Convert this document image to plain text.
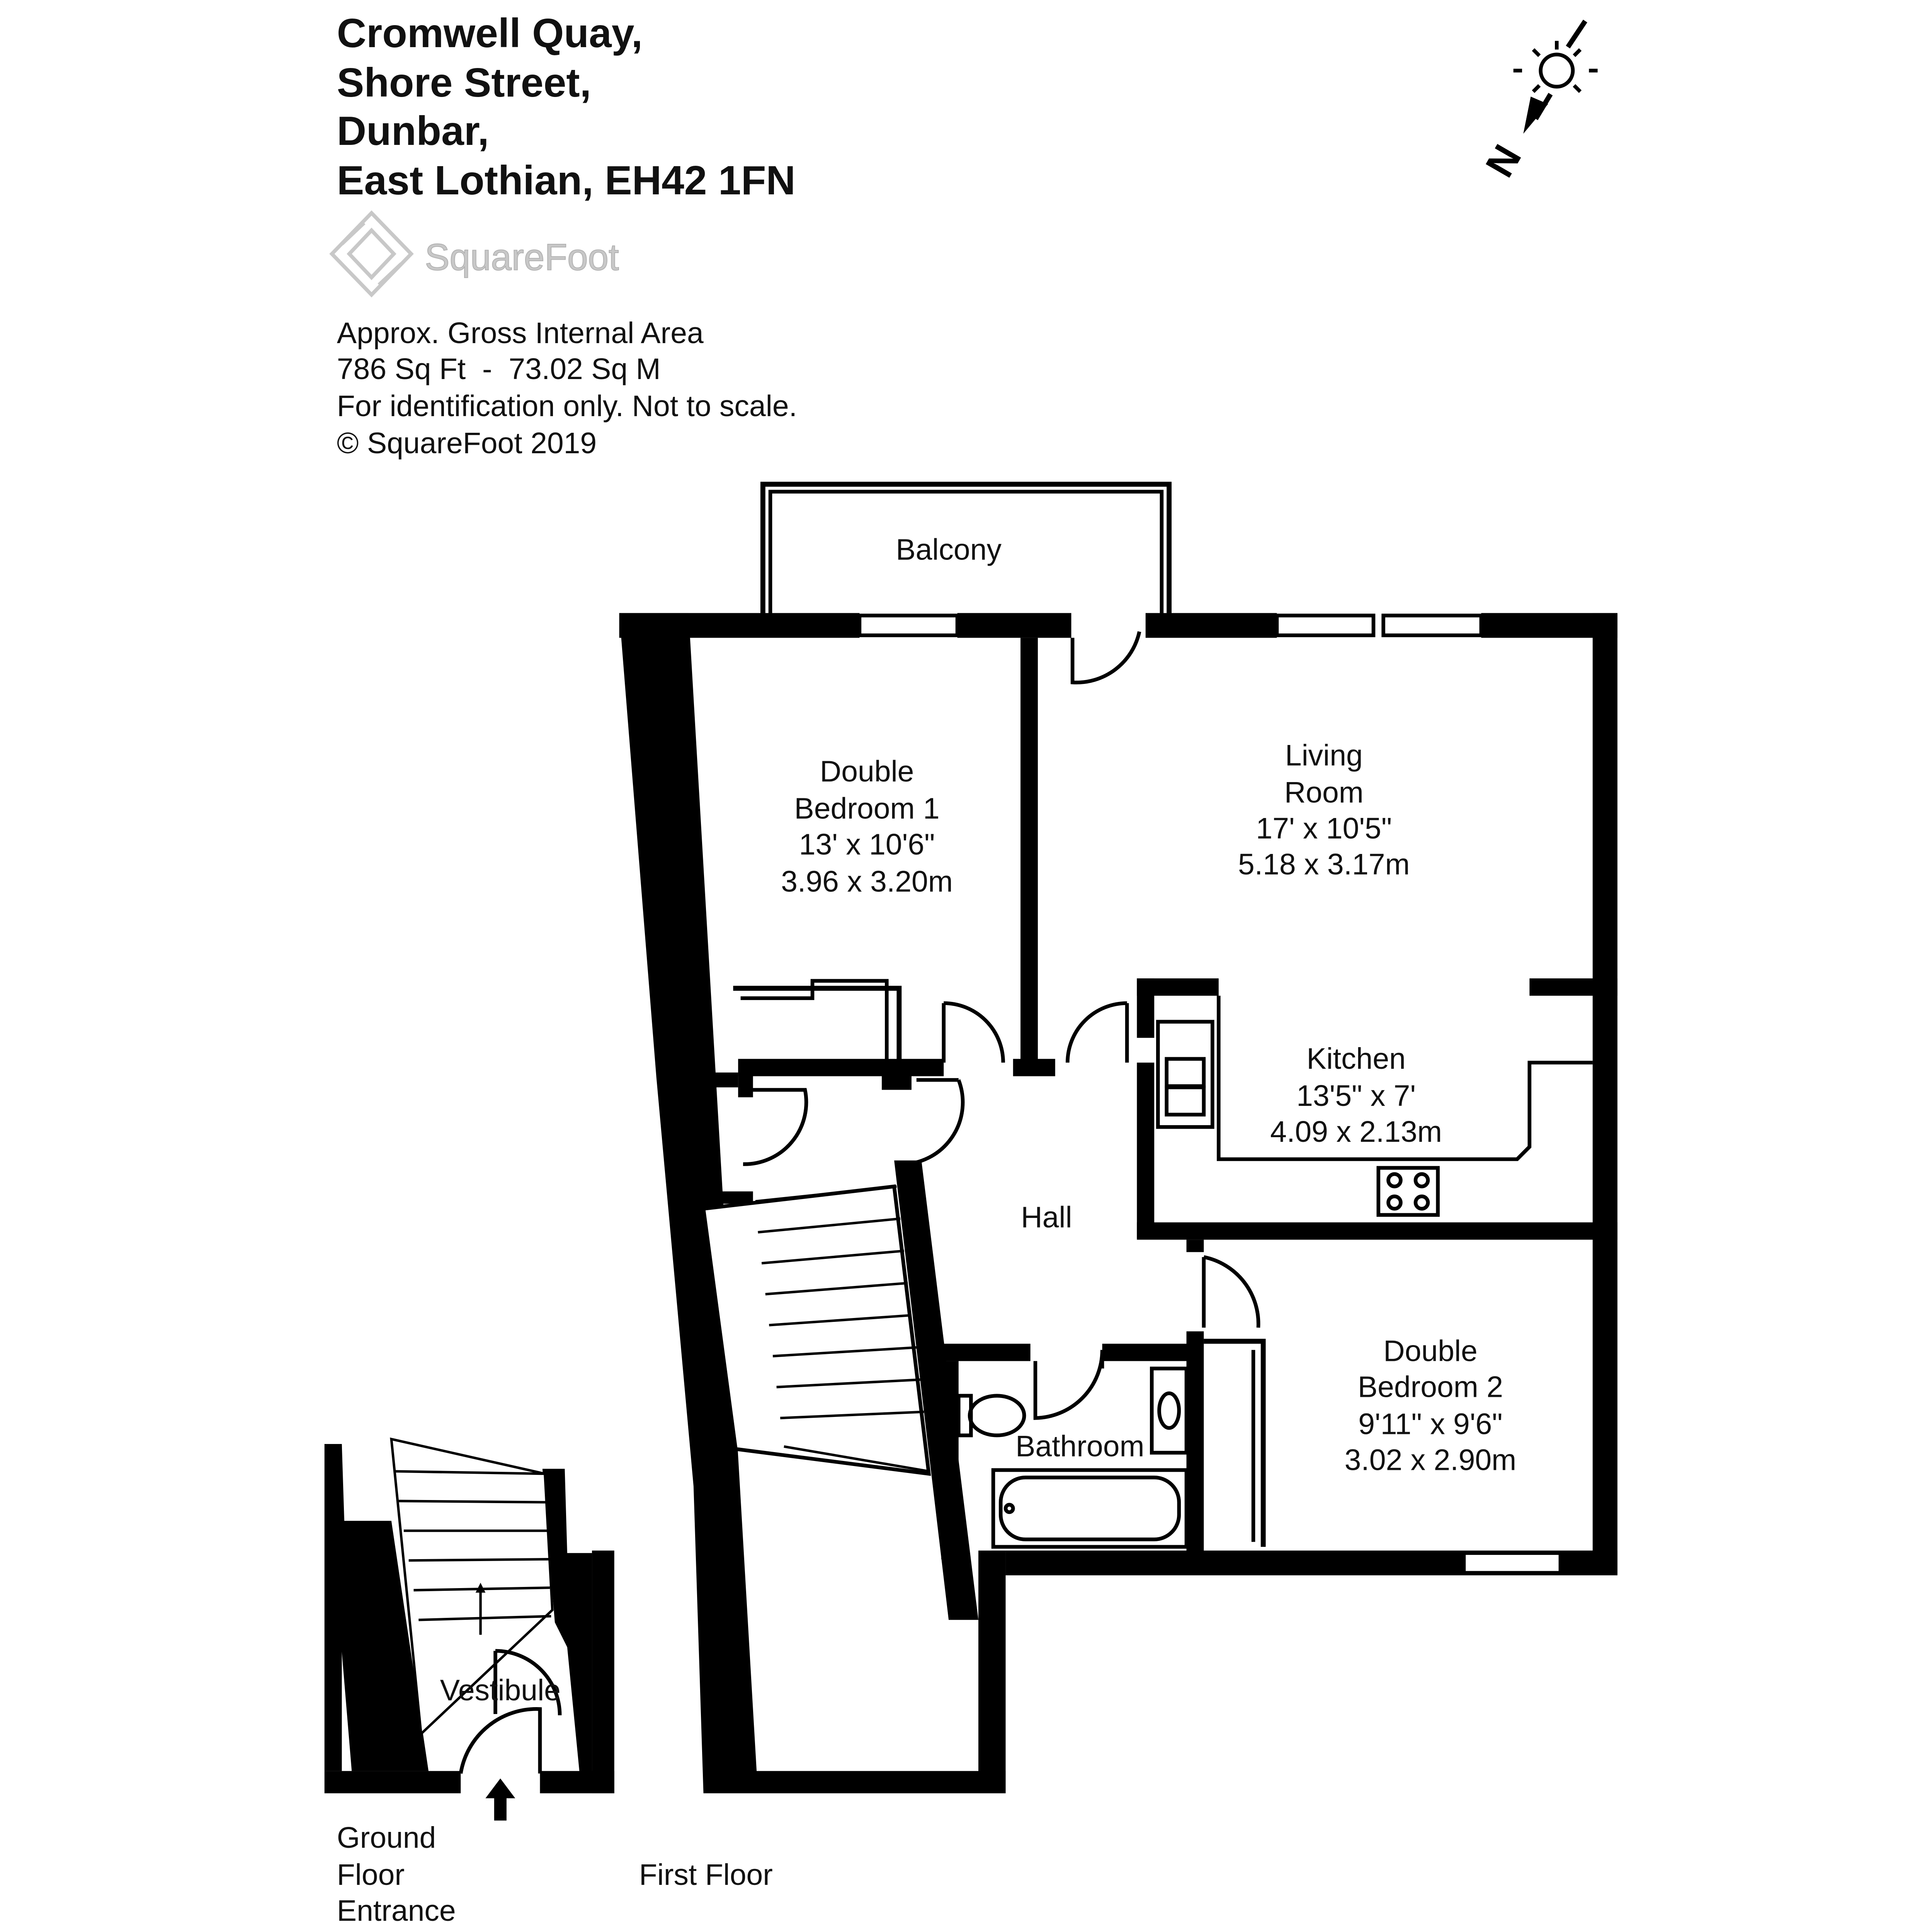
Cromwell Quay,
Shore Street,
Dunbar,
East Lothian, EH42 1FN
SquareFoot
Approx. Gross Internal Area
786 Sq Ft  -  73.02 Sq M
For identification only. Not to scale.
© SquareFoot 2019
N
Balcony
Double
Bedroom 1
13' x 10'6"
3.96 x 3.20m
Living
Room
17' x 10'5"
5.18 x 3.17m
Kitchen
13'5" x 7'
4.09 x 2.13m
Hall
Bathroom
Double
Bedroom 2
9'11" x 9'6"
3.02 x 2.90m
Vestibule
Ground
Floor
Entrance
First Floor
